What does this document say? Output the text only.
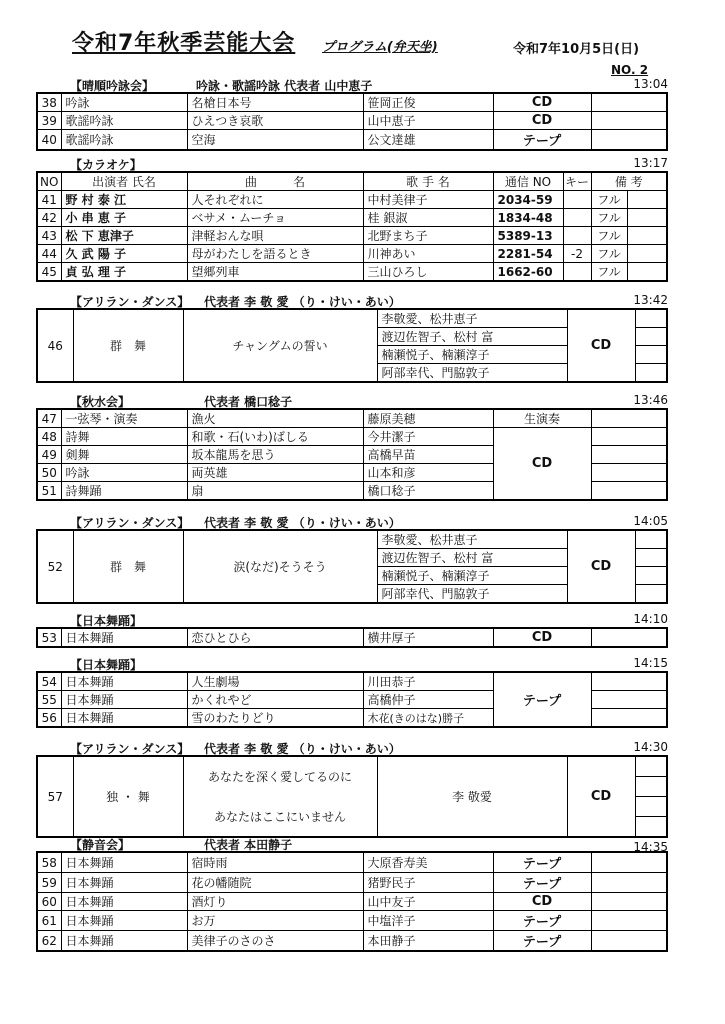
令和7年秋季芸能大会 プログラム(弁天坐)	令和7年10月5日(日)
NO. 2
【晴順吟詠会】	吟詠・歌謡吟詠 代表者 山中恵子	13:04
38	吟詠	名槍日本号	笹岡正俊	CD	
39	歌謡吟詠	ひえつき哀歌	山中恵子	CD	
40	歌謡吟詠	空海	公文達雄	テープ	
【カラオケ】	13:17
NO	出演者 氏名	曲　　　名	歌 手 名	通信 NO	キー	備 考	
41	野 村 泰 江	人それぞれに	中村美律子	2034-59		フル	
42	小 串 恵 子	ベサメ・ムーチョ	桂 銀淑	1834-48		フル	
43	松 下 恵津子	津軽おんな唄	北野まち子	5389-13		フル	
44	久 武 陽 子	母がわたしを語るとき	川神あい	2281-54	-2	フル	
45	貞 弘 理 子	望郷列車	三山ひろし	1662-60		フル	
【アリラン・ダンス】 代表者 李 敬 愛 （り・けい・あい）	13:42
46	群　舞	チャングムの誓い	李敬愛、松井恵子	CD	
			渡辺佐智子、松村 富		
			楠瀬悦子、楠瀬淳子		
			阿部幸代、門脇敦子		
【秋水会】	代表者 橋口稔子	13:46
47	一弦琴・演奏	漁火	藤原美穂	生演奏	
48	詩舞	和歌・石(いわ)ばしる	今井潔子	CD	
49	剣舞	坂本龍馬を思う	高橋早苗		
50	吟詠	両英雄	山本和彦		
51	詩舞踊	扇	橋口稔子		
【アリラン・ダンス】 代表者 李 敬 愛 （り・けい・あい）	14:05
52	群　舞	涙(なだ)そうそう	李敬愛、松井恵子	CD	
			渡辺佐智子、松村 富		
			楠瀬悦子、楠瀬淳子		
			阿部幸代、門脇敦子		
【日本舞踊】	14:10
53	日本舞踊	恋ひとひら	横井厚子	CD	
【日本舞踊】	14:15
54	日本舞踊	人生劇場	川田恭子	テープ	
55	日本舞踊	かくれやど	高橋仲子		
56	日本舞踊	雪のわたりどり	木花(きのはな)勝子		
【アリラン・ダンス】 代表者 李 敬 愛 （り・けい・あい）	14:30
57	独 ・ 舞	あなたを深く愛してるのに	李 敬愛	CD	

		あなたはここにいません			

【静音会】	代表者 本田静子	14:35
58	日本舞踊	宿時雨	大原香寿美	テープ	
59	日本舞踊	花の幡随院	猪野民子	テープ	
60	日本舞踊	酒灯り	山中友子	CD	
61	日本舞踊	お万	中塩洋子	テープ	
62	日本舞踊	美律子のさのさ	本田静子	テープ	
